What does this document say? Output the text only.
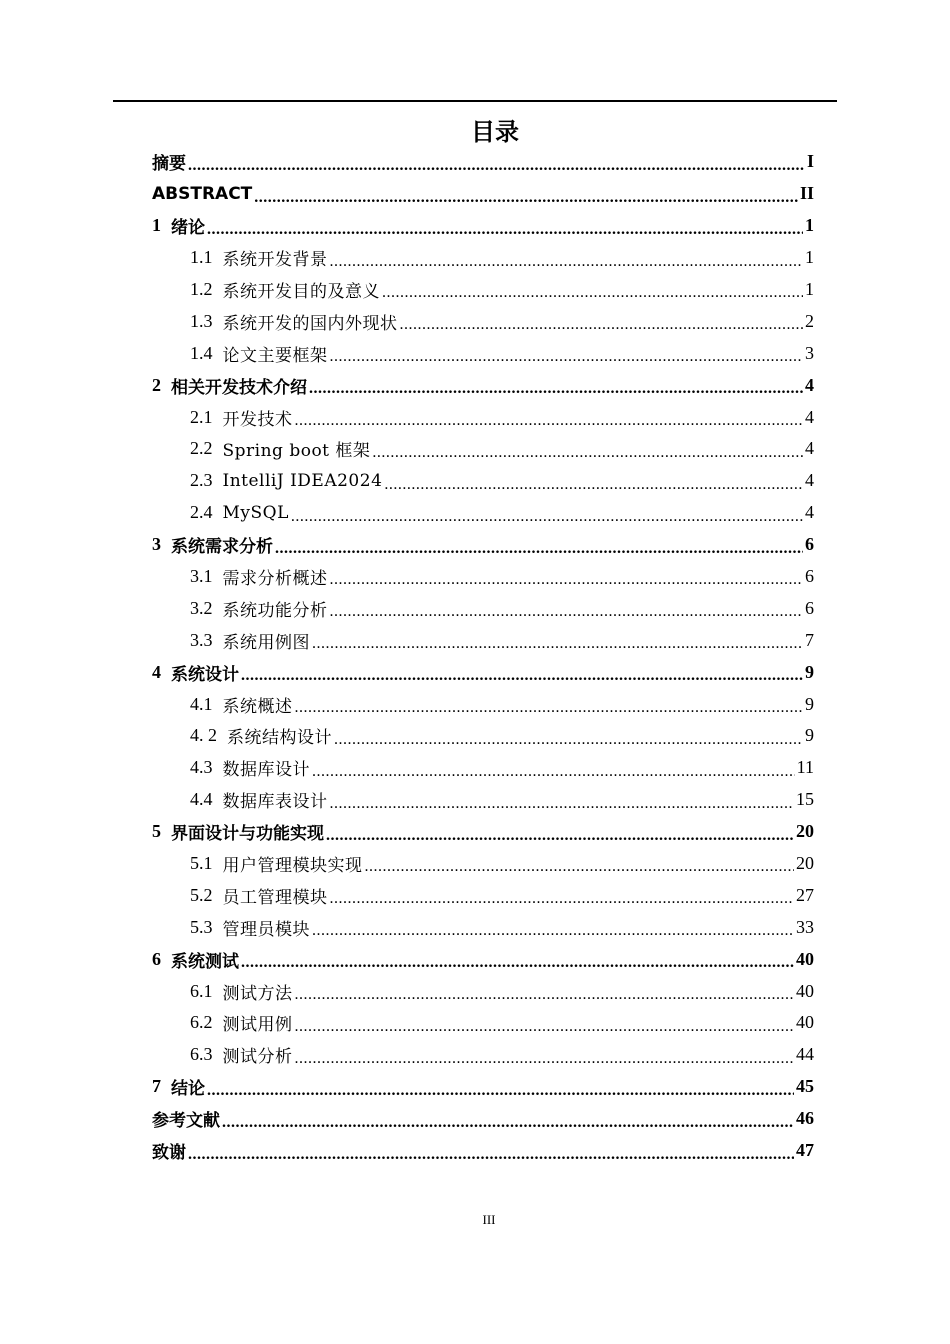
目录
摘要 .....	I
ABSTRACT .....	II
1 绪论 .....	1
1.1 系统开发背景 .....	1
1.2 系统开发目的及意义 .....	1
1.3 系统开发的国内外现状 .....	2
1.4 论文主要框架 .....	3
2 相关开发技术介绍 .....	4
2.1 开发技术 .....	4
2.2 Spring boot 框架 .....	4
2.3 IntelliJ IDEA2024 .....	4
2.4 MySQL .....	4
3 系统需求分析 .....	6
3.1 需求分析概述 .....	6
3.2 系统功能分析 .....	6
3.3 系统用例图 .....	7
4 系统设计 .....	9
4.1 系统概述 .....	9
4. 2 系统结构设计 .....	9
4.3 数据库设计 .....	11
4.4 数据库表设计 .....	15
5 界面设计与功能实现 .....	20
5.1 用户管理模块实现 .....	20
5.2 员工管理模块 .....	27
5.3 管理员模块 .....	33
6 系统测试 .....	40
6.1 测试方法 .....	40
6.2 测试用例 .....	40
6.3 测试分析 .....	44
7 结论 .....	45
参考文献 .....	46
致谢 .....	47
III
